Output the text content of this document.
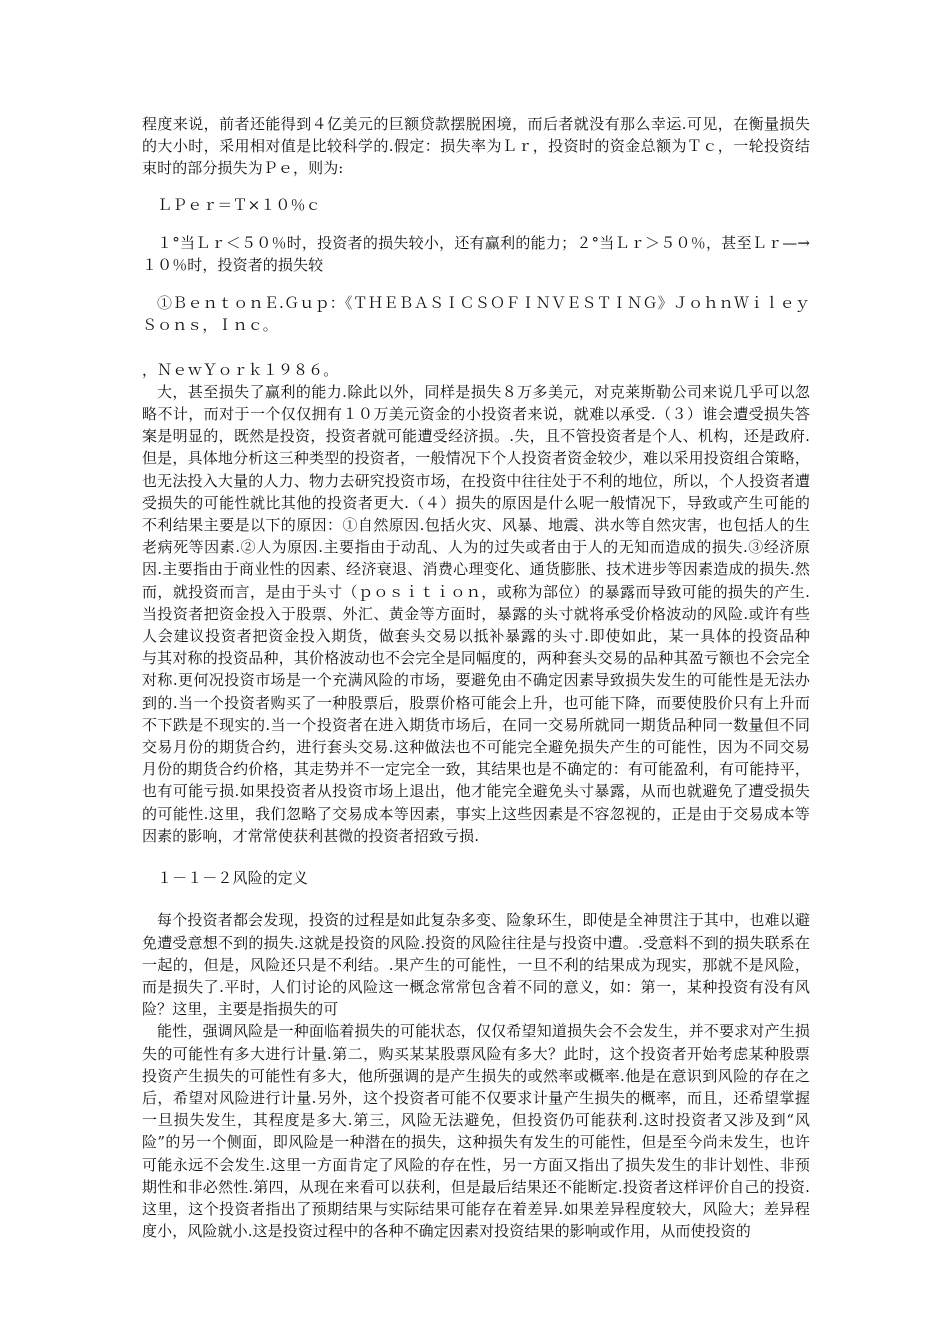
程度来说，前者还能得到４亿美元的巨额贷款摆脱困境，而后者就没有那么幸运.可见，在衡量损失的大小时，采用相对值是比较科学的.假定：损失率为Ｌｒ，投资时的资金总额为Ｔｃ，一轮投资结束时的部分损失为Ｐｅ，则为:

ＬＰｅｒ＝Ｔ×１０％ｃ

１°当Ｌｒ＜５０％时，投资者的损失较小，还有赢利的能力；２°当Ｌｒ＞５０％，甚至Ｌｒ—→１０％时，投资者的损失较

①ＢｅｎｔｏｎＥ.Ｇｕｐ：《ＴＨＥＢＡＳＩＣＳＯＦＩＮＶＥＳＴＩＮＧ》ＪｏｈｎＷｉｌｅｙＳｏｎｓ，Ｉｎｃ。

，ＮｅｗＹｏｒｋ１９８６。

大，甚至损失了赢利的能力.除此以外，同样是损失８万多美元，对克莱斯勒公司来说几乎可以忽略不计，而对于一个仅仅拥有１０万美元资金的小投资者来说，就难以承受.（３）谁会遭受损失答案是明显的，既然是投资，投资者就可能遭受经济损。.失，且不管投资者是个人、机构，还是政府.但是，具体地分析这三种类型的投资者，一般情况下个人投资者资金较少，难以采用投资组合策略，也无法投入大量的人力、物力去研究投资市场，在投资中往往处于不利的地位，所以，个人投资者遭受损失的可能性就比其他的投资者更大.（４）损失的原因是什么呢一般情况下，导致或产生可能的不利结果主要是以下的原因：①自然原因.包括火灾、风暴、地震、洪水等自然灾害，也包括人的生老病死等因素.②人为原因.主要指由于动乱、人为的过失或者由于人的无知而造成的损失.③经济原因.主要指由于商业性的因素、经济衰退、消费心理变化、通货膨胀、技术进步等因素造成的损失.然而，就投资而言，是由于头寸（ｐｏｓｉｔｉｏｎ，或称为部位）的暴露而导致可能的损失的产生.当投资者把资金投入于股票、外汇、黄金等方面时，暴露的头寸就将承受价格波动的风险.或许有些人会建议投资者把资金投入期货，做套头交易以抵补暴露的头寸.即使如此，某一具体的投资品种　　与其对称的投资品种，其价格波动也不会完全是同幅度的，两种套头交易的品种其盈亏额也不会完全对称.更何况投资市场是一个充满风险的市场，要避免由不确定因素导致损失发生的可能性是无法办到的.当一个投资者购买了一种股票后，股票价格可能会上升，也可能下降，而要使股价只有上升而不下跌是不现实的.当一个投资者在进入期货市场后，在同一交易所就同一期货品种同一数量但不同交易月份的期货合约，进行套头交易.这种做法也不可能完全避免损失产生的可能性，因为不同交易月份的期货合约价格，其走势并不一定完全一致，其结果也是不确定的：有可能盈利，有可能持平，也有可能亏损.如果投资者从投资市场上退出，他才能完全避免头寸暴露，从而也就避免了遭受损失的可能性.这里，我们忽略了交易成本等因素，事实上这些因素是不容忽视的，正是由于交易成本等因素的影响，才常常使获利甚微的投资者招致亏损.

１－１－２风险的定义

每个投资者都会发现，投资的过程是如此复杂多变、险象环生，即使是全神贯注于其中，也难以避免遭受意想不到的损失.这就是投资的风险.投资的风险往往是与投资中遭。.受意料不到的损失联系在一起的，但是，风险还只是不利结。.果产生的可能性，一旦不利的结果成为现实，那就不是风险，而是损失了.平时，人们讨论的风险这一概念常常包含着不同的意义，如：第一，某种投资有没有风险？这里，主要是指损失的可

能性，强调风险是一种面临着损失的可能状态，仅仅希望知道损失会不会发生，并不要求对产生损失的可能性有多大进行计量.第二，购买某某股票风险有多大？此时，这个投资者开始考虑某种股票投资产生损失的可能性有多大，他所强调的是产生损失的或然率或概率.他是在意识到风险的存在之后，希望对风险进行计量.另外，这个投资者可能不仅要求计量产生损失的概率，而且，还希望掌握一旦损失发生，其程度是多大.第三，风险无法避免，但投资仍可能获利.这时投资者又涉及到“风险”的另一个侧面，即风险是一种潜在的损失，这种损失有发生的可能性，但是至今尚未发生，也许可能永远不会发生.这里一方面肯定了风险的存在性，另一方面又指出了损失发生的非计划性、非预期性和非必然性.第四，从现在来看可以获利，但是最后结果还不能断定.投资者这样评价自己的投资.这里，这个投资者指出了预期结果与实际结果可能存在着差异.如果差异程度较大，风险大；差异程度小，风险就小.这是投资过程中的各种不确定因素对投资结果的影响或作用，从而使投资的
